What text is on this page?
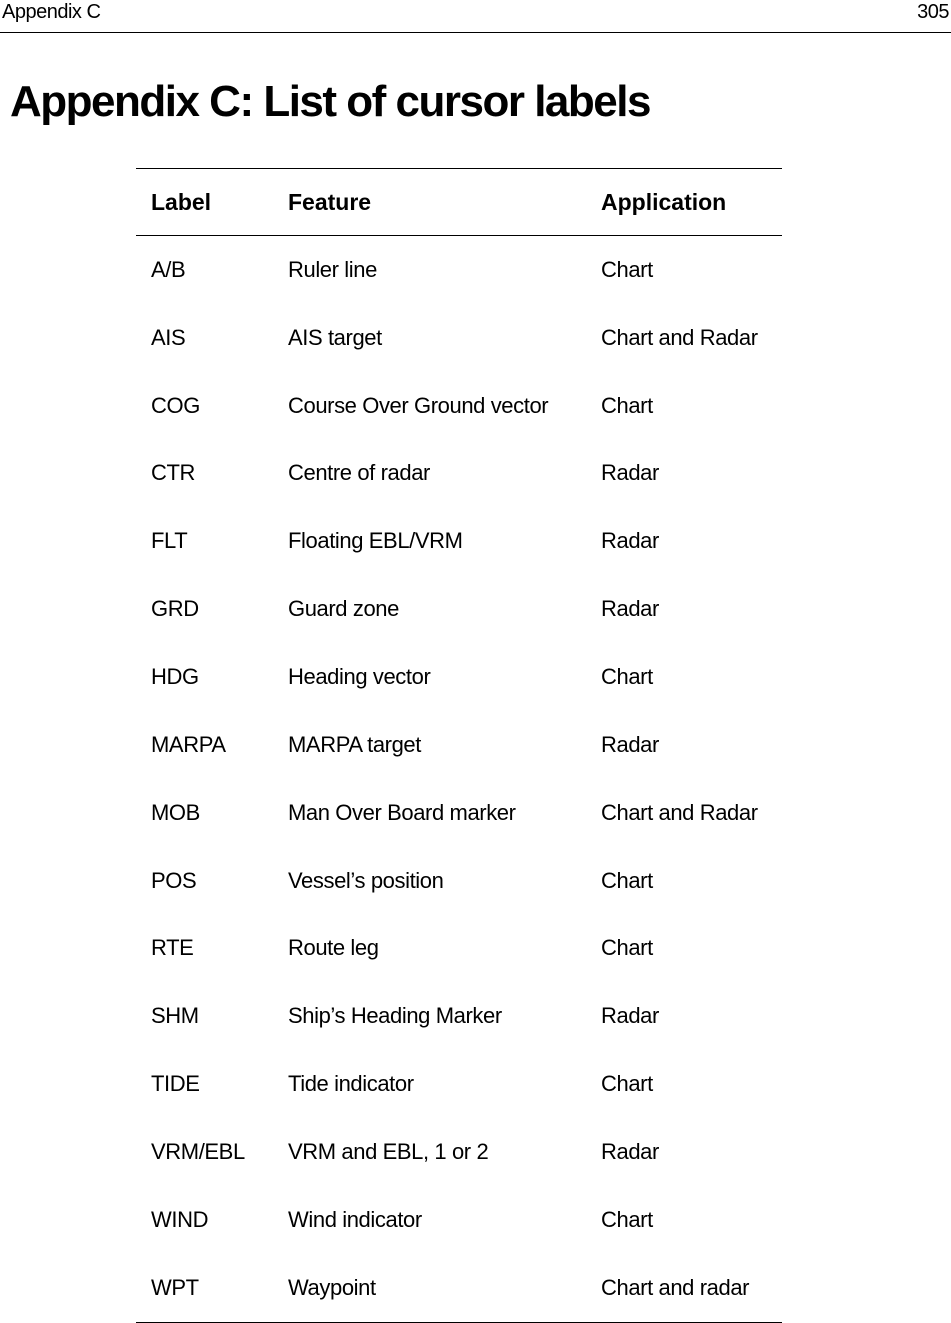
Appendix C	305
Appendix C: List of cursor labels
Label	Feature	Application
A/B	Ruler line	Chart
AIS	AIS target	Chart and Radar
COG	Course Over Ground vector	Chart
CTR	Centre of radar	Radar
FLT	Floating EBL/VRM	Radar
GRD	Guard zone	Radar
HDG	Heading vector	Chart
MARPA	MARPA target	Radar
MOB	Man Over Board marker	Chart and Radar
POS	Vessel’s position	Chart
RTE	Route leg	Chart
SHM	Ship’s Heading Marker	Radar
TIDE	Tide indicator	Chart
VRM/EBL	VRM and EBL, 1 or 2	Radar
WIND	Wind indicator	Chart
WPT	Waypoint	Chart and radar
